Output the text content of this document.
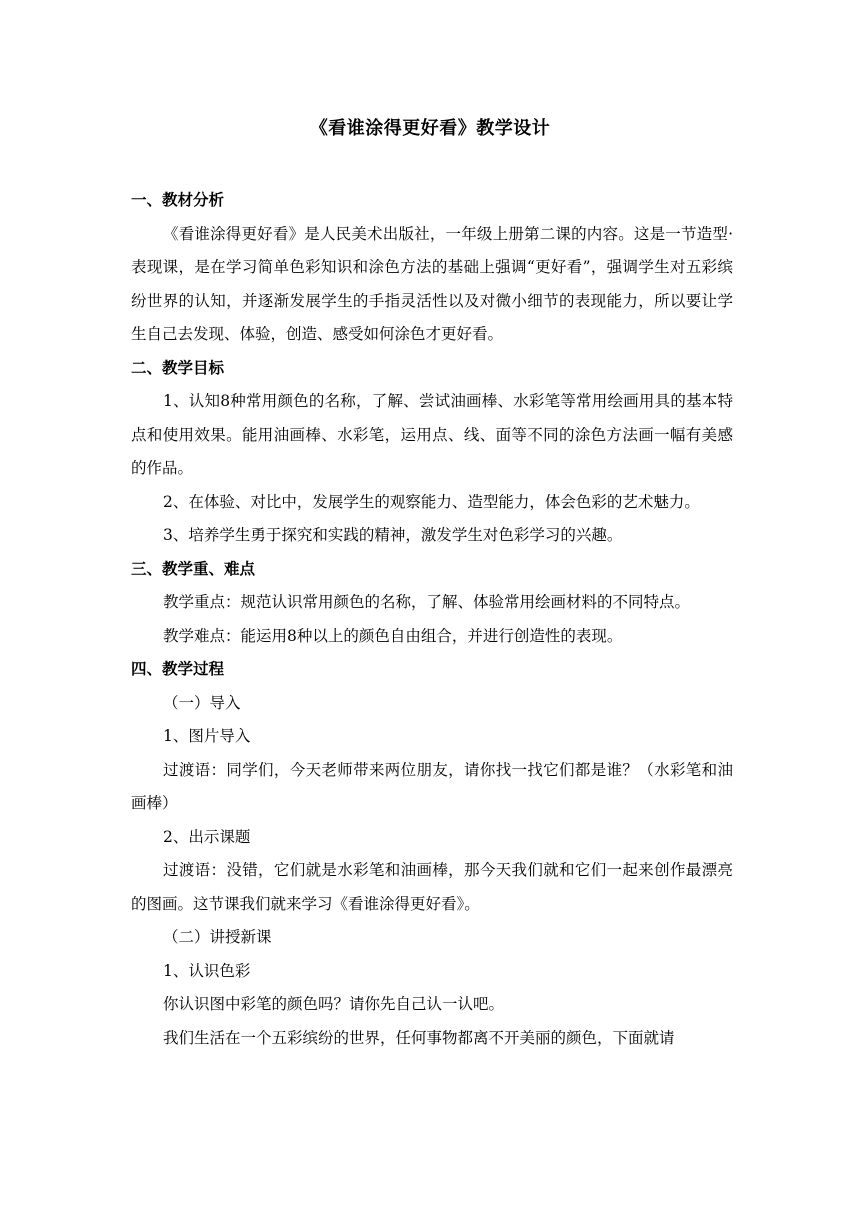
《看谁涂得更好看》教学设计

一、教材分析

《看谁涂得更好看》是人民美术出版社，一年级上册第二课的内容。这是一节造型·表现课，是在学习简单色彩知识和涂色方法的基础上强调“更好看”，强调学生对五彩缤纷世界的认知，并逐渐发展学生的手指灵活性以及对微小细节的表现能力，所以要让学生自己去发现、体验，创造、感受如何涂色才更好看。

二、教学目标

1、认知8种常用颜色的名称，了解、尝试油画棒、水彩笔等常用绘画用具的基本特点和使用效果。能用油画棒、水彩笔，运用点、线、面等不同的涂色方法画一幅有美感的作品。

2、在体验、对比中，发展学生的观察能力、造型能力，体会色彩的艺术魅力。

3、培养学生勇于探究和实践的精神，激发学生对色彩学习的兴趣。

三、教学重、难点

教学重点：规范认识常用颜色的名称，了解、体验常用绘画材料的不同特点。

教学难点：能运用8种以上的颜色自由组合，并进行创造性的表现。

四、教学过程

（一）导入

1、图片导入

过渡语：同学们，今天老师带来两位朋友，请你找一找它们都是谁？（水彩笔和油画棒）

2、出示课题

过渡语：没错，它们就是水彩笔和油画棒，那今天我们就和它们一起来创作最漂亮的图画。这节课我们就来学习《看谁涂得更好看》。

（二）讲授新课

1、认识色彩

你认识图中彩笔的颜色吗？请你先自己认一认吧。

我们生活在一个五彩缤纷的世界，任何事物都离不开美丽的颜色，下面就请
